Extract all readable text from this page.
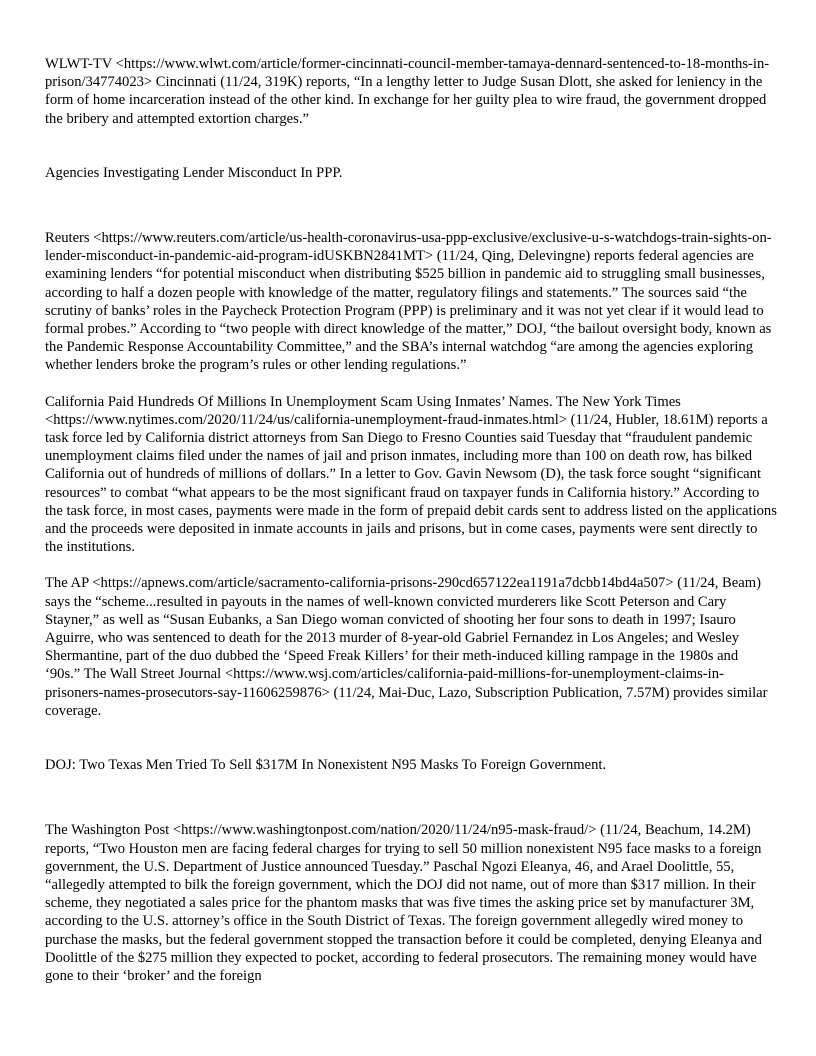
WLWT-TV <https://www.wlwt.com/article/former-cincinnati-council-member-tamaya-dennard-sentenced-to-18-months-in-prison/34774023> Cincinnati (11/24, 319K) reports, “In a lengthy letter to Judge Susan Dlott, she asked for leniency in the form of home incarceration instead of the other kind. In exchange for her guilty plea to wire fraud, the government dropped the bribery and attempted extortion charges.”

Agencies Investigating Lender Misconduct In PPP.

Reuters <https://www.reuters.com/article/us-health-coronavirus-usa-ppp-exclusive/exclusive-u-s-watchdogs-train-sights-on-lender-misconduct-in-pandemic-aid-program-idUSKBN2841MT> (11/24, Qing, Delevingne) reports federal agencies are examining lenders “for potential misconduct when distributing $525 billion in pandemic aid to struggling small businesses, according to half a dozen people with knowledge of the matter, regulatory filings and statements.” The sources said “the scrutiny of banks’ roles in the Paycheck Protection Program (PPP) is preliminary and it was not yet clear if it would lead to formal probes.” According to “two people with direct knowledge of the matter,” DOJ, “the bailout oversight body, known as the Pandemic Response Accountability Committee,” and the SBA’s internal watchdog “are among the agencies exploring whether lenders broke the program’s rules or other lending regulations.”

California Paid Hundreds Of Millions In Unemployment Scam Using Inmates’ Names. The New York Times <https://www.nytimes.com/2020/11/24/us/california-unemployment-fraud-inmates.html> (11/24, Hubler, 18.61M) reports a task force led by California district attorneys from San Diego to Fresno Counties said Tuesday that “fraudulent pandemic unemployment claims filed under the names of jail and prison inmates, including more than 100 on death row, has bilked California out of hundreds of millions of dollars.” In a letter to Gov. Gavin Newsom (D), the task force sought “significant resources” to combat “what appears to be the most significant fraud on taxpayer funds in California history.” According to the task force, in most cases, payments were made in the form of prepaid debit cards sent to address listed on the applications and the proceeds were deposited in inmate accounts in jails and prisons, but in come cases, payments were sent directly to the institutions.

The AP <https://apnews.com/article/sacramento-california-prisons-290cd657122ea1191a7dcbb14bd4a507> (11/24, Beam) says the “scheme...resulted in payouts in the names of well-known convicted murderers like Scott Peterson and Cary Stayner,” as well as “Susan Eubanks, a San Diego woman convicted of shooting her four sons to death in 1997; Isauro Aguirre, who was sentenced to death for the 2013 murder of 8-year-old Gabriel Fernandez in Los Angeles; and Wesley Shermantine, part of the duo dubbed the ‘Speed Freak Killers’ for their meth-induced killing rampage in the 1980s and ‘90s.” The Wall Street Journal <https://www.wsj.com/articles/california-paid-millions-for-unemployment-claims-in-prisoners-names-prosecutors-say-11606259876> (11/24, Mai-Duc, Lazo, Subscription Publication, 7.57M) provides similar coverage.

DOJ: Two Texas Men Tried To Sell $317M In Nonexistent N95 Masks To Foreign Government.

The Washington Post <https://www.washingtonpost.com/nation/2020/11/24/n95-mask-fraud/> (11/24, Beachum, 14.2M) reports, “Two Houston men are facing federal charges for trying to sell 50 million nonexistent N95 face masks to a foreign government, the U.S. Department of Justice announced Tuesday.” Paschal Ngozi Eleanya, 46, and Arael Doolittle, 55, “allegedly attempted to bilk the foreign government, which the DOJ did not name, out of more than $317 million. In their scheme, they negotiated a sales price for the phantom masks that was five times the asking price set by manufacturer 3M, according to the U.S. attorney’s office in the South District of Texas. The foreign government allegedly wired money to purchase the masks, but the federal government stopped the transaction before it could be completed, denying Eleanya and Doolittle of the $275 million they expected to pocket, according to federal prosecutors. The remaining money would have gone to their ‘broker’ and the foreign
